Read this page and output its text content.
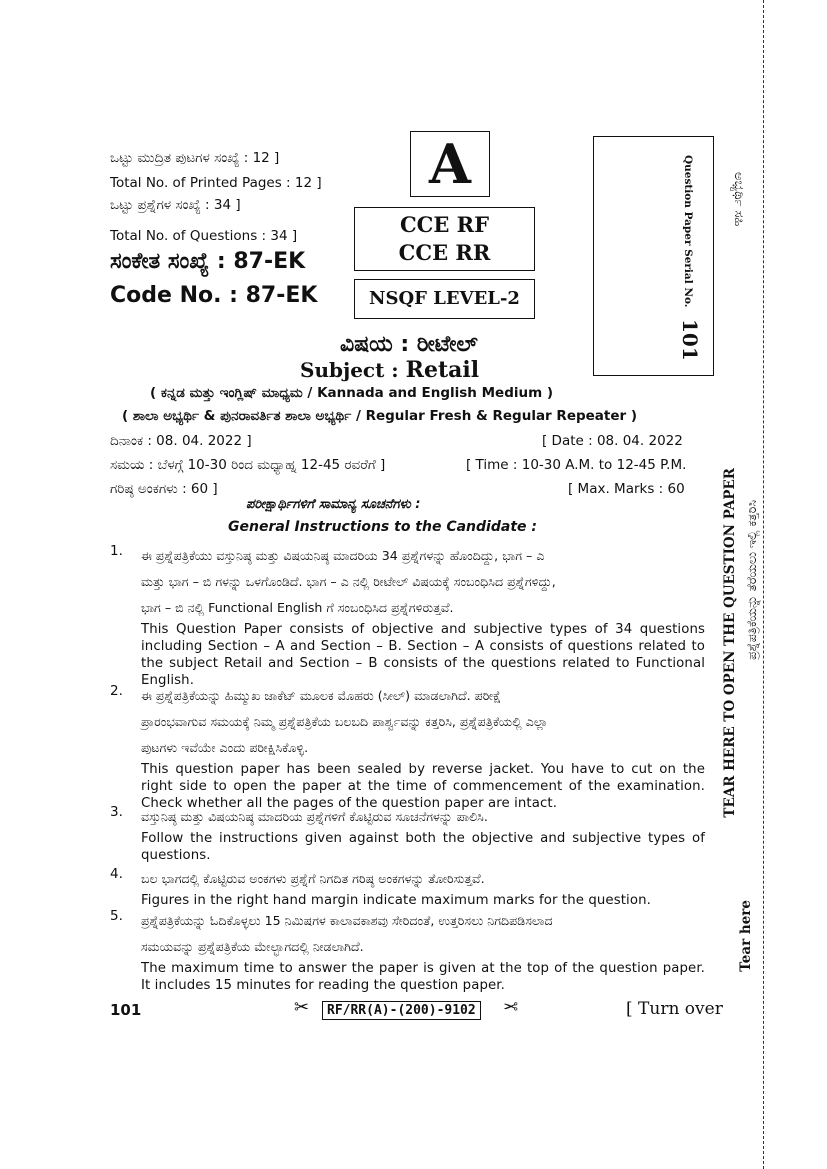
ಒಟ್ಟು ಮುದ್ರಿತ ಪುಟಗಳ ಸಂಖ್ಯೆ : 12 ]
Total No. of Printed Pages : 12 ]
ಒಟ್ಟು ಪ್ರಶ್ನೆಗಳ ಸಂಖ್ಯೆ : 34 ]
Total No. of Questions : 34 ]
ಸಂಕೇತ ಸಂಖ್ಯೆ : 87-EK
Code No. : 87-EK
A
CCE RF
CCE RR
NSQF LEVEL-2	Question Paper Serial No.
101
ಅಭ್ಯರ್ಥಿ ಸಹಿ
TEAR HERE TO OPEN THE QUESTION PAPER ಪ್ರಶ್ನೆಪತ್ರಿಕೆಯನ್ನು ತೆರೆಯಲು ಇಲ್ಲಿ ಕತ್ತರಿಸಿ
Tear here
ವಿಷಯ : ರೀಟೇಲ್
Subject : Retail
( ಕನ್ನಡ ಮತ್ತು ಇಂಗ್ಲಿಷ್ ಮಾಧ್ಯಮ / Kannada and English Medium )
( ಶಾಲಾ ಅಭ್ಯರ್ಥಿ & ಪುನರಾವರ್ತಿತ ಶಾಲಾ ಅಭ್ಯರ್ಥಿ / Regular Fresh & Regular Repeater )
ದಿನಾಂಕ : 08. 04. 2022 ]	[ Date : 08. 04. 2022
ಸಮಯ : ಬೆಳಗ್ಗೆ 10-30 ರಿಂದ ಮಧ್ಯಾಹ್ನ 12-45 ರವರೆಗೆ ]	[ Time : 10-30 A.M. to 12-45 P.M.
ಗರಿಷ್ಠ ಅಂಕಗಳು : 60 ]	[ Max. Marks : 60
ಪರೀಕ್ಷಾರ್ಥಿಗಳಿಗೆ ಸಾಮಾನ್ಯ ಸೂಚನೆಗಳು :
General Instructions to the Candidate :
1. ಈ ಪ್ರಶ್ನೆಪತ್ರಿಕೆಯು ವಸ್ತುನಿಷ್ಠ ಮತ್ತು ವಿಷಯನಿಷ್ಠ ಮಾದರಿಯ 34 ಪ್ರಶ್ನೆಗಳನ್ನು ಹೊಂದಿದ್ದು, ಭಾಗ – ಎ

ಮತ್ತು ಭಾಗ – ಬಿ ಗಳನ್ನು ಒಳಗೊಂಡಿದೆ. ಭಾಗ – ಎ ನಲ್ಲಿ ರೀಟೇಲ್ ವಿಷಯಕ್ಕೆ ಸಂಬಂಧಿಸಿದ ಪ್ರಶ್ನೆಗಳಿದ್ದು,

ಭಾಗ – ಬಿ ನಲ್ಲಿ Functional English ಗೆ ಸಂಬಂಧಿಸಿದ ಪ್ರಶ್ನೆಗಳಿರುತ್ತವೆ.

This Question Paper consists of objective and subjective types of 34 questions including Section – A and Section – B. Section – A consists of questions related to the subject Retail and Section – B consists of the questions related to Functional English.

2. ಈ ಪ್ರಶ್ನೆಪತ್ರಿಕೆಯನ್ನು ಹಿಮ್ಮುಖ ಜಾಕೆಟ್ ಮೂಲಕ ಮೊಹರು (ಸೀಲ್) ಮಾಡಲಾಗಿದೆ. ಪರೀಕ್ಷೆ

ಪ್ರಾರಂಭವಾಗುವ ಸಮಯಕ್ಕೆ ನಿಮ್ಮ ಪ್ರಶ್ನೆಪತ್ರಿಕೆಯ ಬಲಬದಿ ಪಾರ್ಶ್ವವನ್ನು ಕತ್ತರಿಸಿ, ಪ್ರಶ್ನೆಪತ್ರಿಕೆಯಲ್ಲಿ ಎಲ್ಲಾ

ಪುಟಗಳು ಇವೆಯೇ ಎಂದು ಪರೀಕ್ಷಿಸಿಕೊಳ್ಳಿ.

This question paper has been sealed by reverse jacket. You have to cut on the right side to open the paper at the time of commencement of the examination. Check whether all the pages of the question paper are intact.

3. ವಸ್ತುನಿಷ್ಠ ಮತ್ತು ವಿಷಯನಿಷ್ಠ ಮಾದರಿಯ ಪ್ರಶ್ನೆಗಳಿಗೆ ಕೊಟ್ಟಿರುವ ಸೂಚನೆಗಳನ್ನು ಪಾಲಿಸಿ.

Follow the instructions given against both the objective and subjective types of questions.

4. ಬಲ ಭಾಗದಲ್ಲಿ ಕೊಟ್ಟಿರುವ ಅಂಕಗಳು ಪ್ರಶ್ನೆಗೆ ನಿಗದಿತ ಗರಿಷ್ಠ ಅಂಕಗಳನ್ನು ತೋರಿಸುತ್ತವೆ.

Figures in the right hand margin indicate maximum marks for the question.

5. ಪ್ರಶ್ನೆಪತ್ರಿಕೆಯನ್ನು ಓದಿಕೊಳ್ಳಲು 15 ನಿಮಿಷಗಳ ಕಾಲಾವಕಾಶವು ಸೇರಿದಂತೆ, ಉತ್ತರಿಸಲು ನಿಗದಿಪಡಿಸಲಾದ

ಸಮಯವನ್ನು ಪ್ರಶ್ನೆಪತ್ರಿಕೆಯ ಮೇಲ್ಭಾಗದಲ್ಲಿ ನೀಡಲಾಗಿದೆ.

The maximum time to answer the paper is given at the top of the question paper. It includes 15 minutes for reading the question paper.

101	✂	RF/RR(A)-(200)-9102 ✂	[ Turn over
